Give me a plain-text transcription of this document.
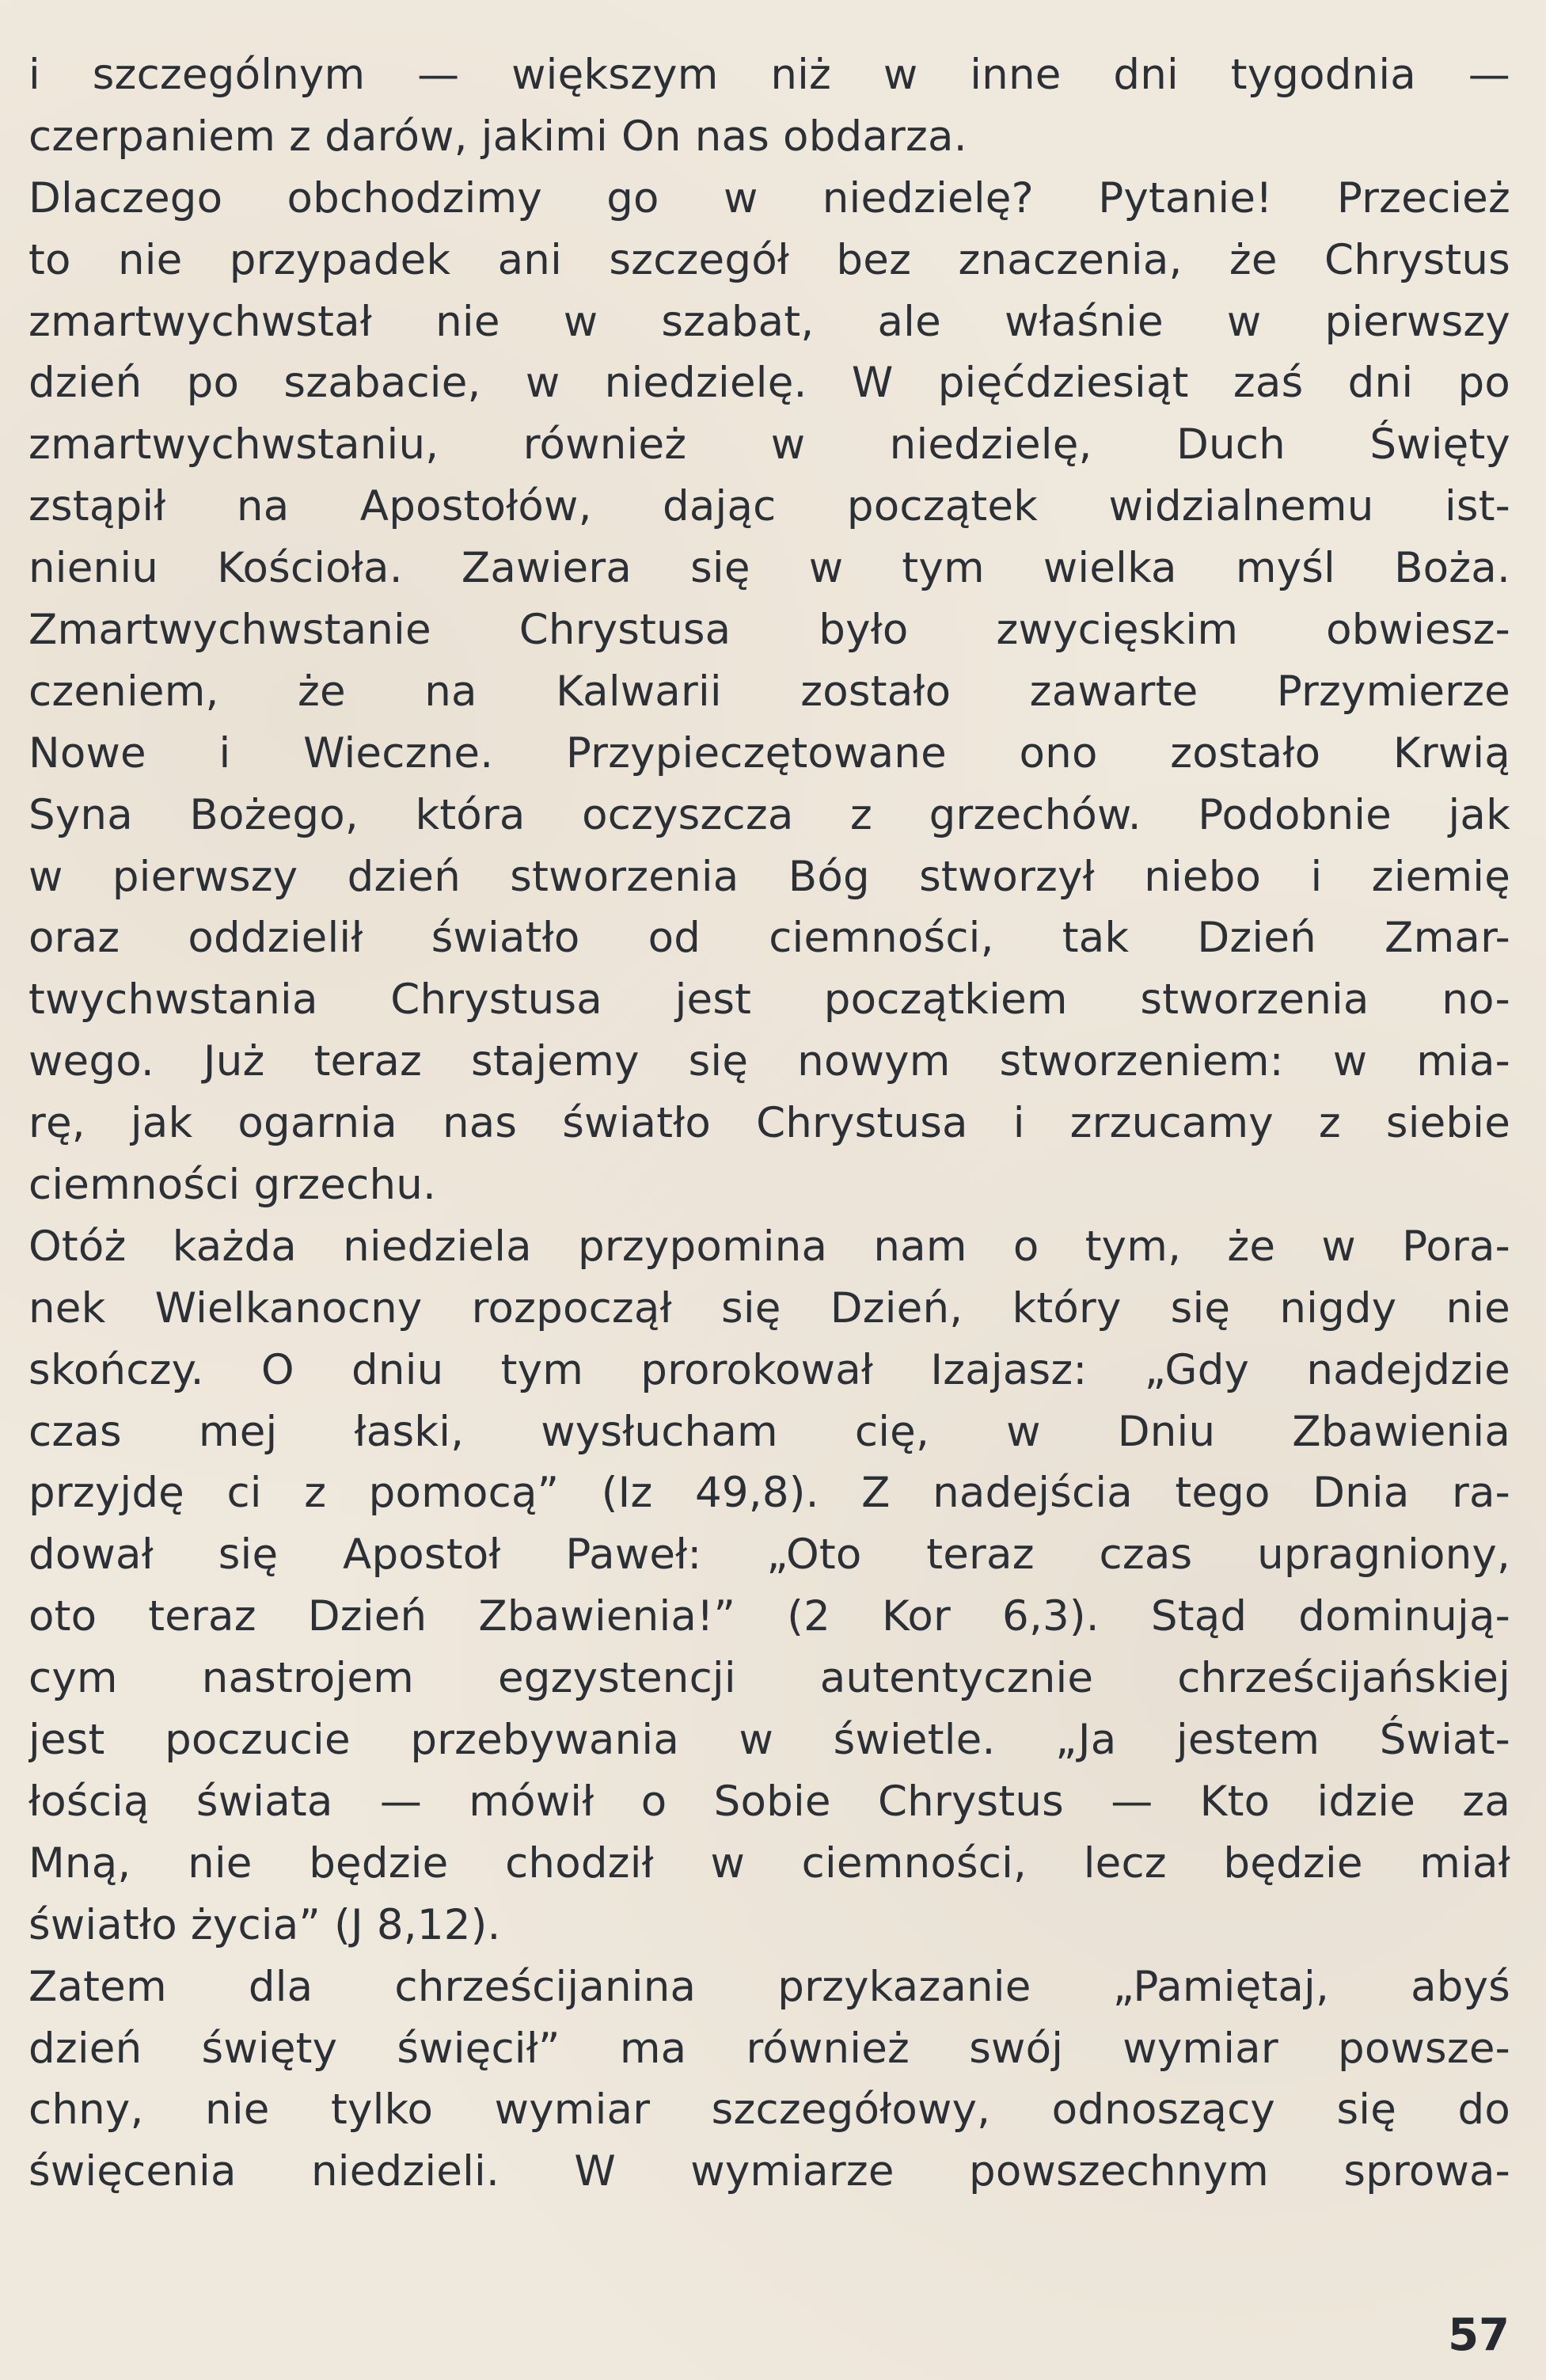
i szczególnym — większym niż w inne dni tygodnia —
czerpaniem z darów, jakimi On nas obdarza.
Dlaczego obchodzimy go w niedzielę? Pytanie! Przecież
to nie przypadek ani szczegół bez znaczenia, że Chrystus
zmartwychwstał nie w szabat, ale właśnie w pierwszy
dzień po szabacie, w niedzielę. W pięćdziesiąt zaś dni po
zmartwychwstaniu, również w niedzielę, Duch Święty
zstąpił na Apostołów, dając początek widzialnemu ist-
nieniu Kościoła. Zawiera się w tym wielka myśl Boża.
Zmartwychwstanie Chrystusa było zwycięskim obwiesz-
czeniem, że na Kalwarii zostało zawarte Przymierze
Nowe i Wieczne. Przypieczętowane ono zostało Krwią
Syna Bożego, która oczyszcza z grzechów. Podobnie jak
w pierwszy dzień stworzenia Bóg stworzył niebo i ziemię
oraz oddzielił światło od ciemności, tak Dzień Zmar-
twychwstania Chrystusa jest początkiem stworzenia no-
wego. Już teraz stajemy się nowym stworzeniem: w mia-
rę, jak ogarnia nas światło Chrystusa i zrzucamy z siebie
ciemności grzechu.
Otóż każda niedziela przypomina nam o tym, że w Pora-
nek Wielkanocny rozpoczął się Dzień, który się nigdy nie
skończy. O dniu tym prorokował Izajasz: „Gdy nadejdzie
czas mej łaski, wysłucham cię, w Dniu Zbawienia
przyjdę ci z pomocą” (Iz 49,8). Z nadejścia tego Dnia ra-
dował się Apostoł Paweł: „Oto teraz czas upragniony,
oto teraz Dzień Zbawienia!” (2 Kor 6,3). Stąd dominują-
cym nastrojem egzystencji autentycznie chrześcijańskiej
jest poczucie przebywania w świetle. „Ja jestem Świat-
łością świata — mówił o Sobie Chrystus — Kto idzie za
Mną, nie będzie chodził w ciemności, lecz będzie miał
światło życia” (J 8,12).
Zatem dla chrześcijanina przykazanie „Pamiętaj, abyś
dzień święty święcił” ma również swój wymiar powsze-
chny, nie tylko wymiar szczegółowy, odnoszący się do
święcenia niedzieli. W wymiarze powszechnym sprowa-
57
